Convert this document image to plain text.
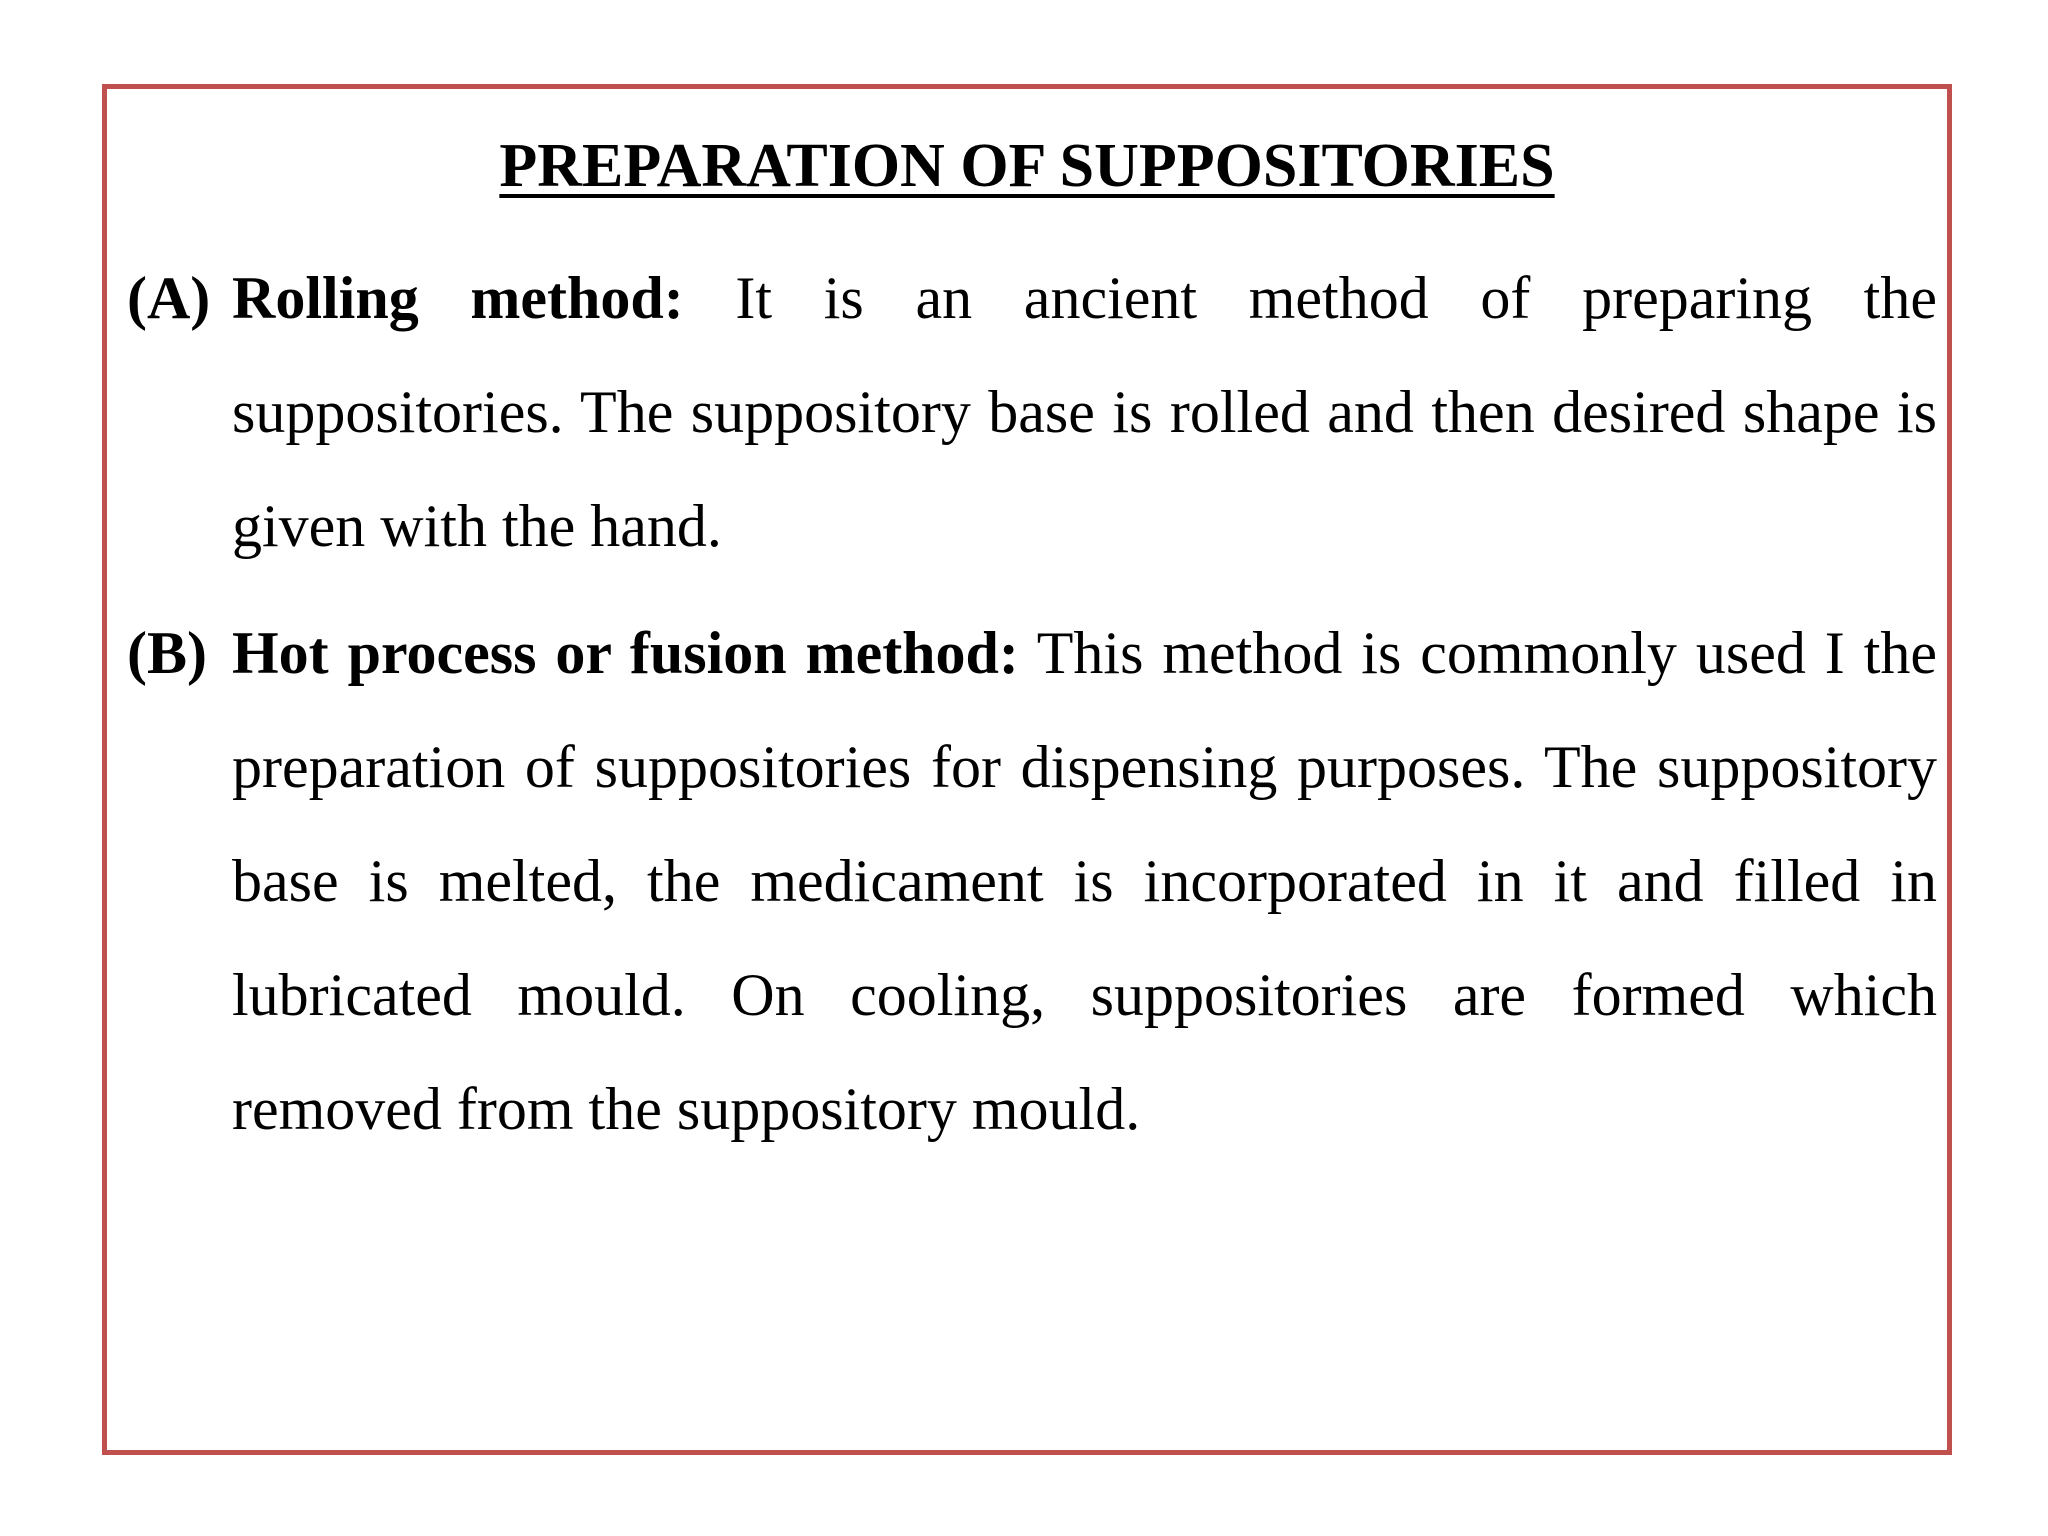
PREPARATION OF SUPPOSITORIES
(A) Rolling method: It is an ancient method of preparing the suppositories. The suppository base is rolled and then desired shape is given with the hand.
(B) Hot process or fusion method: This method is commonly used I the preparation of suppositories for dispensing purposes. The suppository base is melted, the medicament is incorporated in it and filled in lubricated mould. On cooling, suppositories are formed which removed from the suppository mould.
